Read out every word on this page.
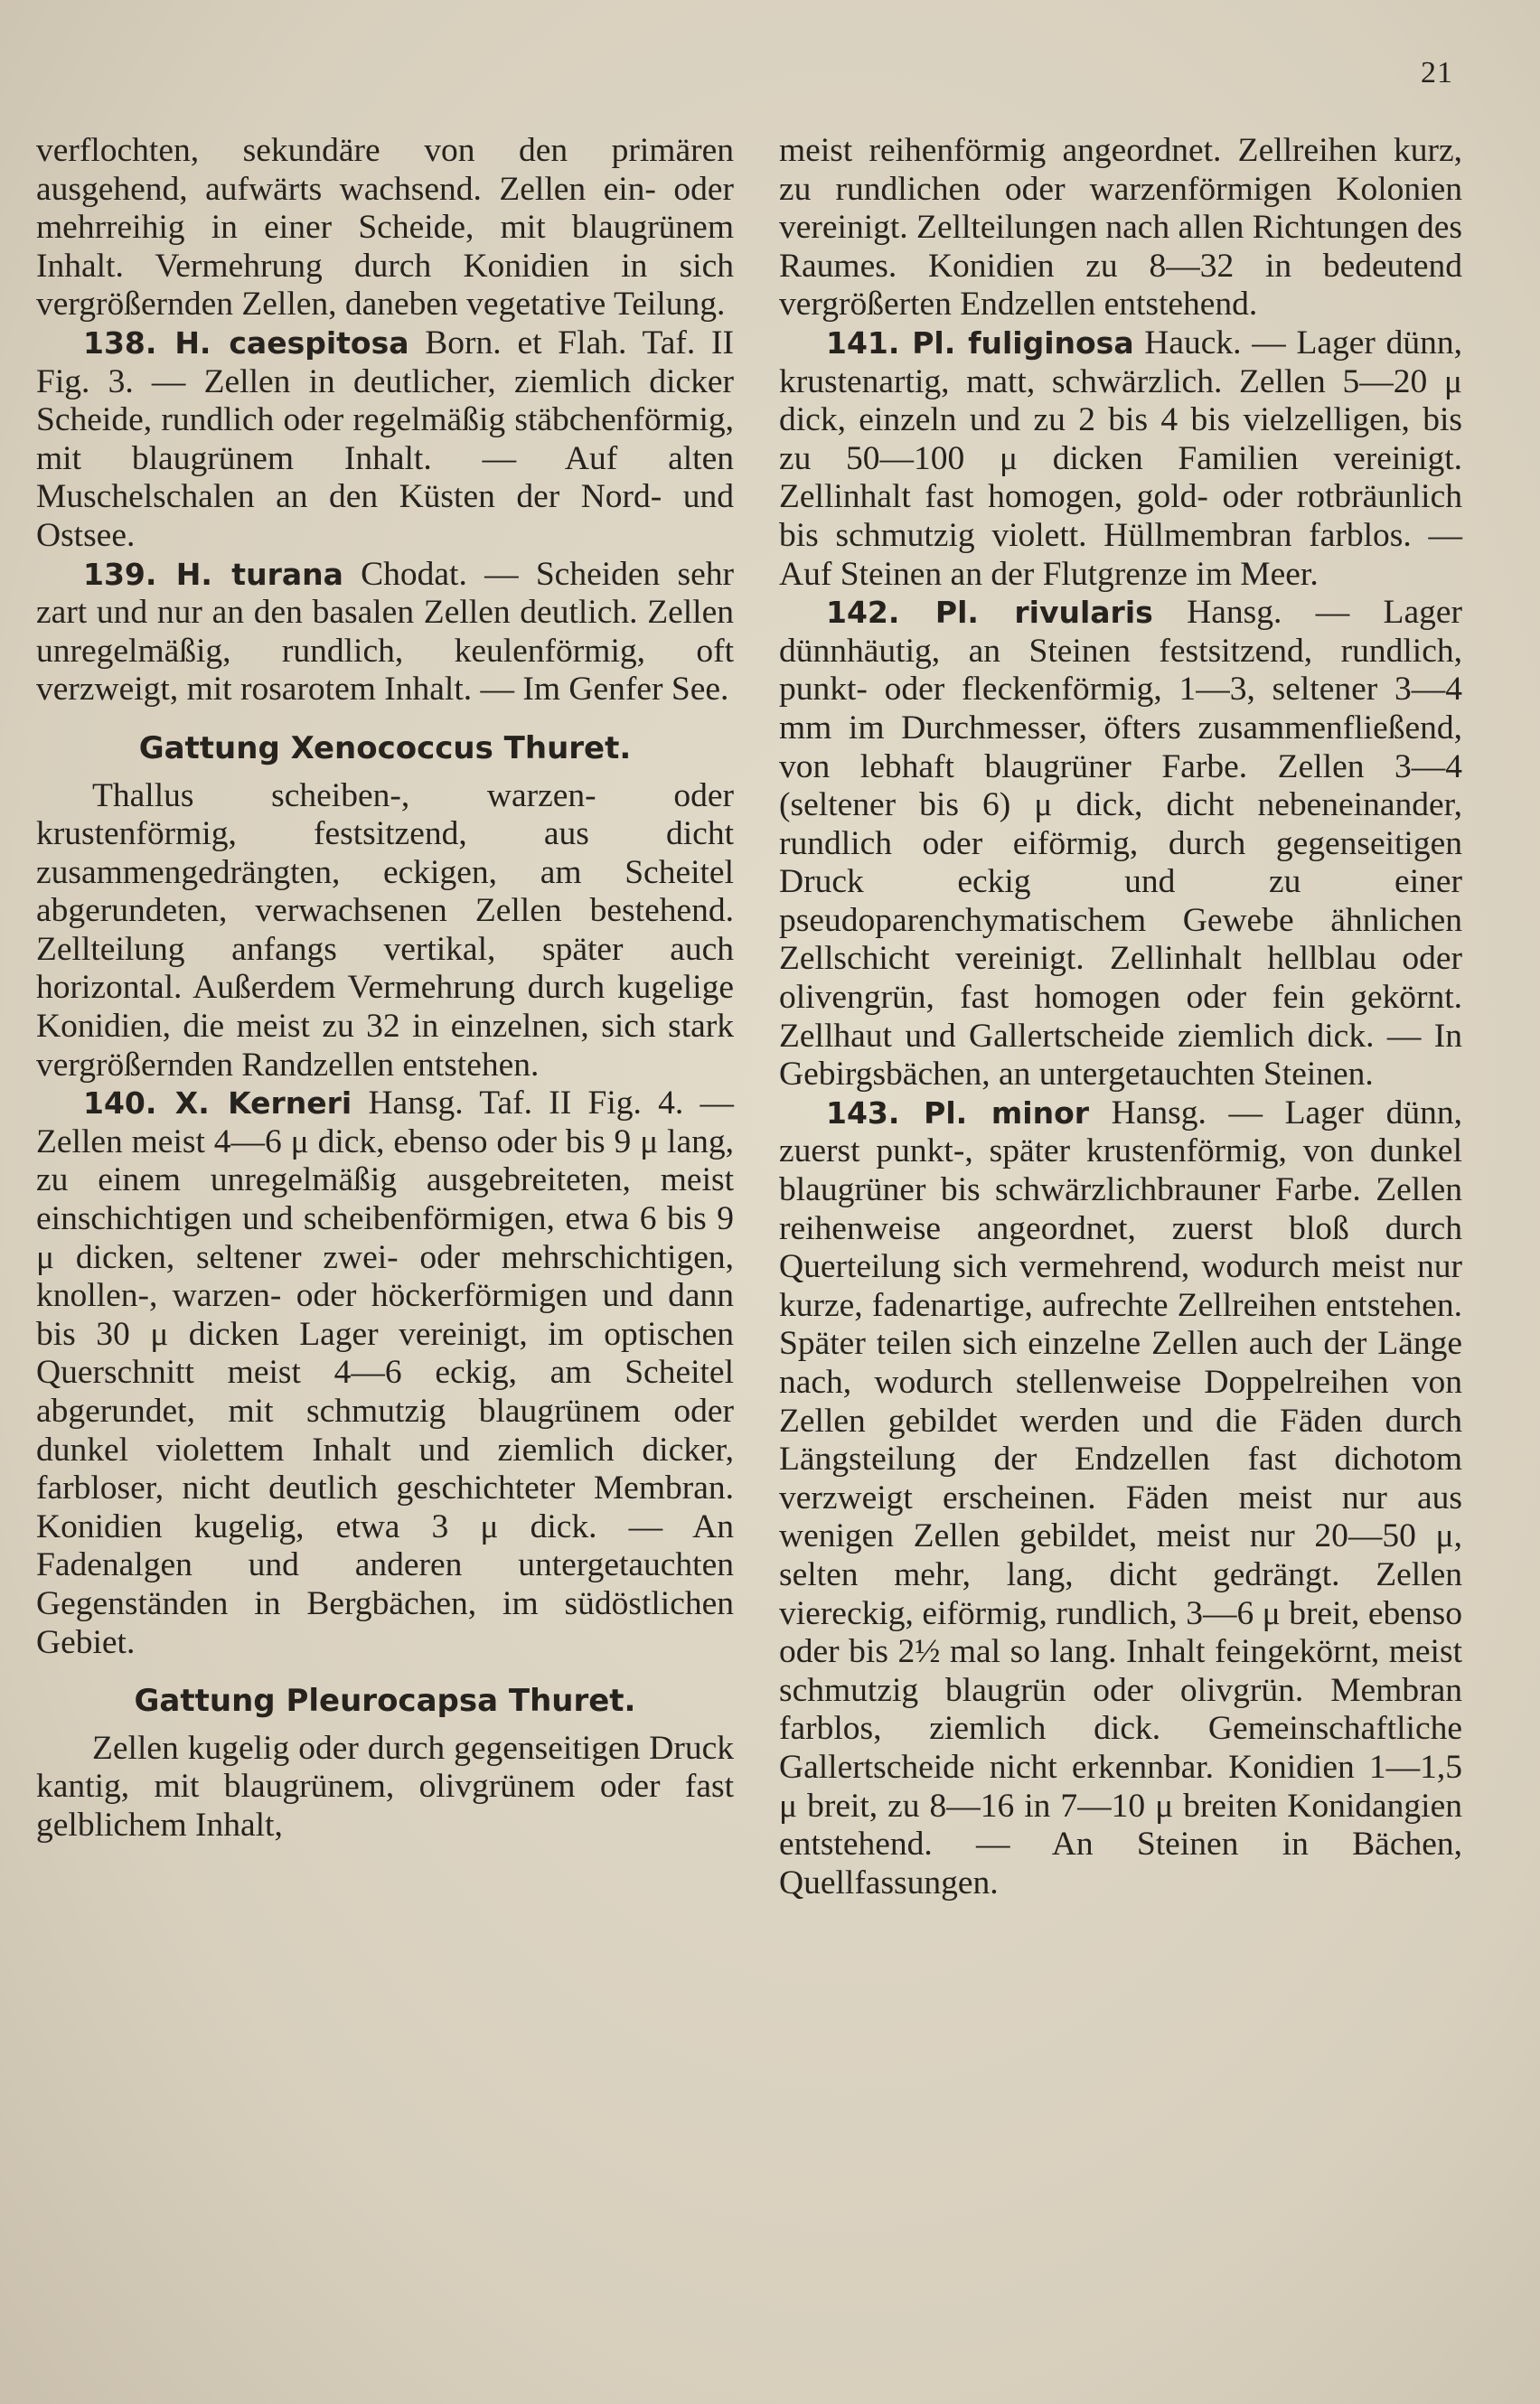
21

verflochten, sekundäre von den primären ausgehend, aufwärts wachsend. Zellen ein- oder mehrreihig in einer Scheide, mit blaugrünem Inhalt. Vermehrung durch Konidien in sich vergrößernden Zellen, daneben vegetative Teilung.

138. H. caespitosa Born. et Flah. Taf. II Fig. 3. — Zellen in deutlicher, ziemlich dicker Scheide, rundlich oder regelmäßig stäbchenförmig, mit blaugrünem Inhalt. — Auf alten Muschelschalen an den Küsten der Nord- und Ostsee.

139. H. turana Chodat. — Scheiden sehr zart und nur an den basalen Zellen deutlich. Zellen unregelmäßig, rundlich, keulenförmig, oft verzweigt, mit rosarotem Inhalt. — Im Genfer See.

Gattung Xenococcus Thuret.

Thallus scheiben-, warzen- oder krustenförmig, festsitzend, aus dicht zusammengedrängten, eckigen, am Scheitel abgerundeten, verwachsenen Zellen bestehend. Zellteilung anfangs vertikal, später auch horizontal. Außerdem Vermehrung durch kugelige Konidien, die meist zu 32 in einzelnen, sich stark vergrößernden Randzellen entstehen.

140. X. Kerneri Hansg. Taf. II Fig. 4. — Zellen meist 4—6 μ dick, ebenso oder bis 9 μ lang, zu einem unregelmäßig ausgebreiteten, meist einschichtigen und scheibenförmigen, etwa 6 bis 9 μ dicken, seltener zwei- oder mehrschichtigen, knollen-, warzen- oder höckerförmigen und dann bis 30 μ dicken Lager vereinigt, im optischen Querschnitt meist 4—6 eckig, am Scheitel abgerundet, mit schmutzig blaugrünem oder dunkel violettem Inhalt und ziemlich dicker, farbloser, nicht deutlich geschichteter Membran. Konidien kugelig, etwa 3 μ dick. — An Fadenalgen und anderen untergetauchten Gegenständen in Bergbächen, im südöstlichen Gebiet.

Gattung Pleurocapsa Thuret.

Zellen kugelig oder durch gegenseitigen Druck kantig, mit blaugrünem, olivgrünem oder fast gelblichem Inhalt,

meist reihenförmig angeordnet. Zellreihen kurz, zu rundlichen oder warzenförmigen Kolonien vereinigt. Zellteilungen nach allen Richtungen des Raumes. Konidien zu 8—32 in bedeutend vergrößerten Endzellen entstehend.

141. Pl. fuliginosa Hauck. — Lager dünn, krustenartig, matt, schwärzlich. Zellen 5—20 μ dick, einzeln und zu 2 bis 4 bis vielzelligen, bis zu 50—100 μ dicken Familien vereinigt. Zellinhalt fast homogen, gold- oder rotbräunlich bis schmutzig violett. Hüllmembran farblos. — Auf Steinen an der Flutgrenze im Meer.

142. Pl. rivularis Hansg. — Lager dünnhäutig, an Steinen festsitzend, rundlich, punkt- oder fleckenförmig, 1—3, seltener 3—4 mm im Durchmesser, öfters zusammenfließend, von lebhaft blaugrüner Farbe. Zellen 3—4 (seltener bis 6) μ dick, dicht nebeneinander, rundlich oder eiförmig, durch gegenseitigen Druck eckig und zu einer pseudoparenchymatischem Gewebe ähnlichen Zellschicht vereinigt. Zellinhalt hellblau oder olivengrün, fast homogen oder fein gekörnt. Zellhaut und Gallertscheide ziemlich dick. — In Gebirgsbächen, an untergetauchten Steinen.

143. Pl. minor Hansg. — Lager dünn, zuerst punkt-, später krustenförmig, von dunkel blaugrüner bis schwärzlichbrauner Farbe. Zellen reihenweise angeordnet, zuerst bloß durch Querteilung sich vermehrend, wodurch meist nur kurze, fadenartige, aufrechte Zellreihen entstehen. Später teilen sich einzelne Zellen auch der Länge nach, wodurch stellenweise Doppelreihen von Zellen gebildet werden und die Fäden durch Längsteilung der Endzellen fast dichotom verzweigt erscheinen. Fäden meist nur aus wenigen Zellen gebildet, meist nur 20—50 μ, selten mehr, lang, dicht gedrängt. Zellen viereckig, eiförmig, rundlich, 3—6 μ breit, ebenso oder bis 2½ mal so lang. Inhalt feingekörnt, meist schmutzig blaugrün oder olivgrün. Membran farblos, ziemlich dick. Gemeinschaftliche Gallertscheide nicht erkennbar. Konidien 1—1,5 μ breit, zu 8—16 in 7—10 μ breiten Konidangien entstehend. — An Steinen in Bächen, Quellfassungen.
